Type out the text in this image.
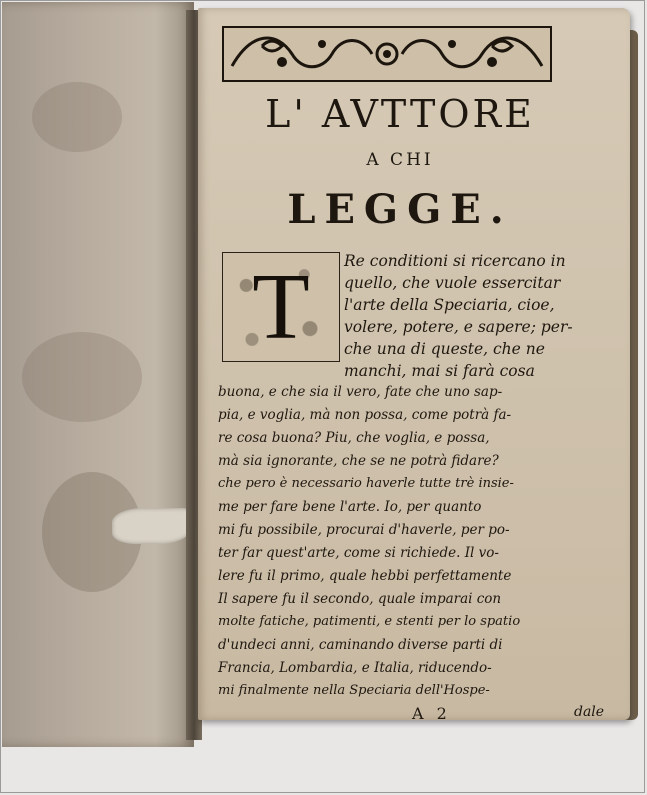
L' AVTTORE

A CHI

LEGGE.
T	Re conditioni si ricercano in

quello, che vuole essercitar

l'arte della Speciaria, cioe,

volere, potere, e sapere; per-

che una di queste, che ne

manchi, mai si farà cosa

buona, e che sia il vero, fate che uno sap-

pia, e voglia, mà non possa, come potrà fa-

re cosa buona? Piu, che voglia, e possa,

mà sia ignorante, che se ne potrà fidare?

che pero è necessario haverle tutte trè insie-

me per fare bene l'arte. Io, per quanto

mi fu possibile, procurai d'haverle, per po-

ter far quest'arte, come si richiede. Il vo-

lere fu il primo, quale hebbi perfettamente

Il sapere fu il secondo, quale imparai con

molte fatiche, patimenti, e stenti per lo spatio

d'undeci anni, caminando diverse parti di

Francia, Lombardia, e Italia, riducendo-

mi finalmente nella Speciaria dell'Hospe-

A 2	dale
